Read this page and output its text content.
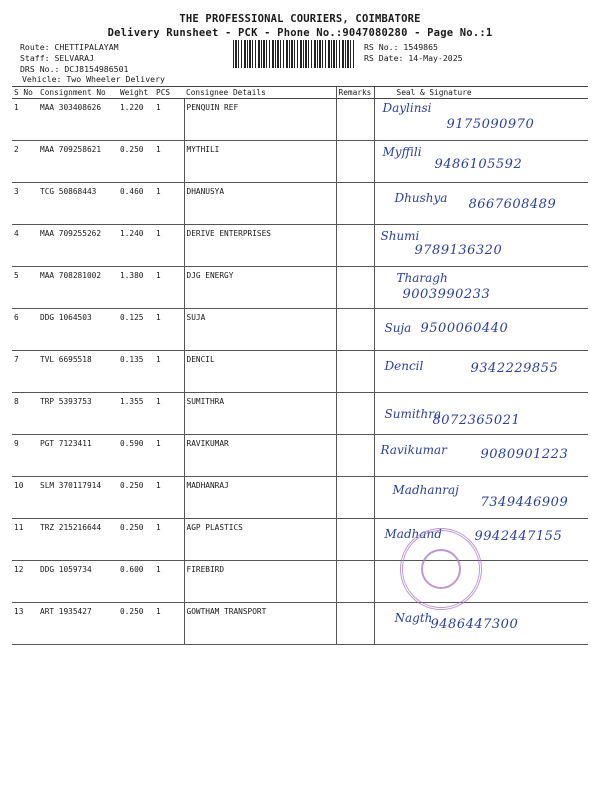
THE PROFESSIONAL COURIERS, COIMBATORE
Delivery Runsheet - PCK - Phone No.:9047080280 - Page No.:1
Route: CHETTIPALAYAM
Staff: SELVARAJ
DRS No.: DCJ8154986501
Vehicle: Two Wheeler Delivery
RS No.: 1549865
RS Date: 14-May-2025
S No	Consignment No	Weight	PCS	Consignee Details	Remarks	Seal & Signature
1	MAA 303408626	1.220	1	PENQUIN REF		Daylinsi
9175090970

2	MAA 709258621	0.250	1	MYTHILI		Myffili
9486105592

3	TCG 50868443	0.460	1	DHANUSYA		Dhushya 8667608489

4	MAA 709255262	1.240	1	DERIVE ENTERPRISES		Shumi
9789136320

5	MAA 708281002	1.380	1	DJG ENERGY		Tharagh
9003990233

6	DDG 1064503	0.125	1	SUJA		Suja 9500060440

7	TVL 6695518	0.135	1	DENCIL		Dencil 9342229855

8	TRP 5393753	1.355	1	SUMITHRA		Sumithra
8072365021

9	PGT 7123411	0.590	1	RAVIKUMAR		Ravikumar 9080901223

10	SLM 370117914	0.250	1	MADHANRAJ		Madhanraj
7349446909

11	TRZ 215216644	0.250	1	AGP PLASTICS		Madhand 9942447155

12	DDG 1059734	0.600	1	FIREBIRD		
13	ART 1935427	0.250	1	GOWTHAM TRANSPORT		Nagth
9486447300
